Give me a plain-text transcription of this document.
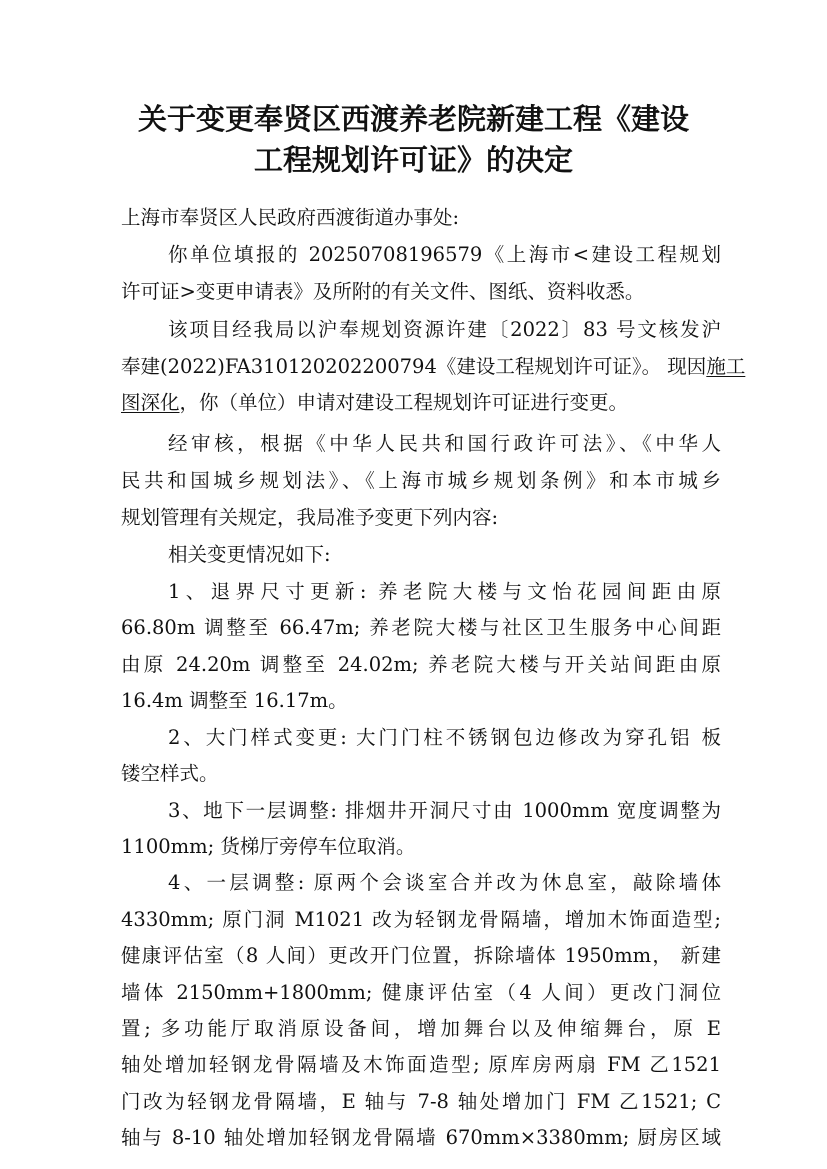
关于变更奉贤区西渡养老院新建工程《建设
工程规划许可证》的决定
上海市奉贤区人民政府西渡街道办事处:
你单位填报的 20250708196579《上海市<建设工程规划
许可证>变更申请表》及所附的有关文件、图纸、资料收悉。
该项目经我局以沪奉规划资源许建〔2022〕83 号文核发沪
奉建(2022)FA310120202200794《建设工程规划许可证》。 现因施工
图深化，你（单位）申请对建设工程规划许可证进行变更。
经审核，根据《中华人民共和国行政许可法》、《中华人
民共和国城乡规划法》、《上海市城乡规划条例》和本市城乡
规划管理有关规定，我局准予变更下列内容:
相关变更情况如下:
1、退界尺寸更新: 养老院大楼与文怡花园间距由原
66.80m 调整至 66.47m; 养老院大楼与社区卫生服务中心间距
由原 24.20m 调整至 24.02m; 养老院大楼与开关站间距由原
16.4m 调整至 16.17m。
2、大门样式变更: 大门门柱不锈钢包边修改为穿孔铝 板
镂空样式。
3、地下一层调整: 排烟井开洞尺寸由 1000mm 宽度调整为
1100mm; 货梯厅旁停车位取消。
4、一层调整: 原两个会谈室合并改为休息室，敲除墙体
4330mm; 原门洞 M1021 改为轻钢龙骨隔墙，增加木饰面造型;
健康评估室（8 人间）更改开门位置，拆除墙体 1950mm， 新建
墙体 2150mm+1800mm; 健康评估室（4 人间）更改门洞位
置; 多功能厅取消原设备间，增加舞台以及伸缩舞台，原 E
轴处增加轻钢龙骨隔墙及木饰面造型; 原库房两扇 FM 乙1521
门改为轻钢龙骨隔墙，E 轴与 7-8 轴处增加门 FM 乙1521; C
轴与 8-10 轴处增加轻钢龙骨隔墙 670mm×3380mm; 厨房区域
